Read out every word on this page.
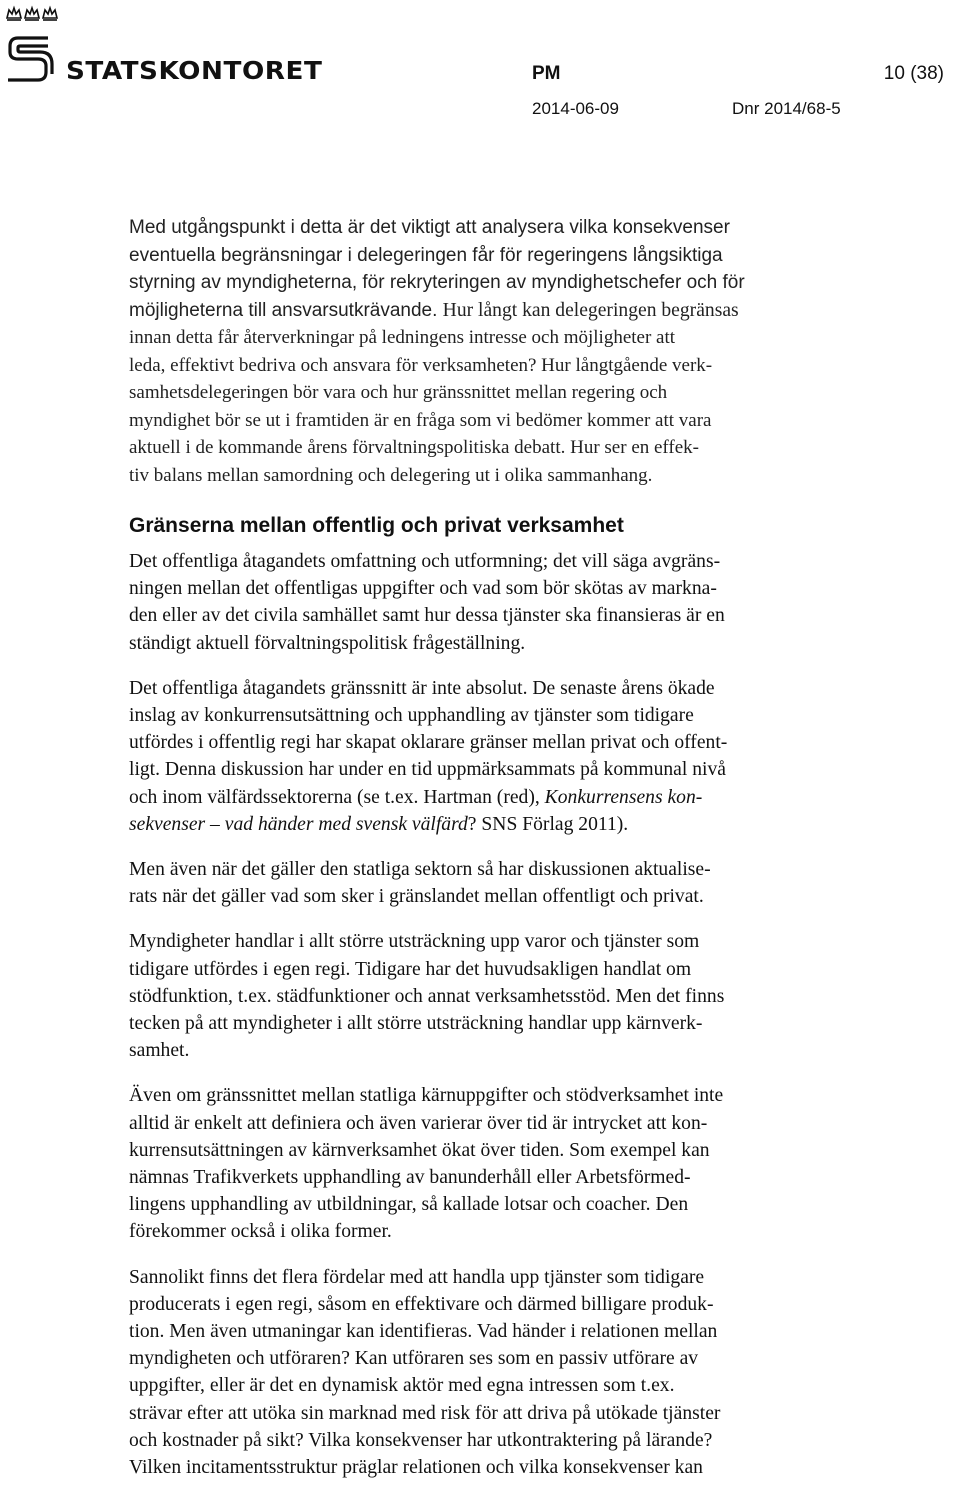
STATSKONTORET	PM	10 (38)
2014-06-09	Dnr 2014/68-5

Med utgångspunkt i detta är det viktigt att analysera vilka konsekvenser
eventuella begränsningar i delegeringen får för regeringens långsiktiga
styrning av myndigheterna, för rekryteringen av myndighetschefer och för
möjligheterna till ansvarsutkrävande. Hur långt kan delegeringen begränsas

innan detta får återverkningar på ledningens intresse och möjligheter att
leda, effektivt bedriva och ansvara för verksamheten? Hur långtgående verk-
samhetsdelegeringen bör vara och hur gränssnittet mellan regering och
myndighet bör se ut i framtiden är en fråga som vi bedömer kommer att vara
aktuell i de kommande årens förvaltningspolitiska debatt. Hur ser en effek-
tiv balans mellan samordning och delegering ut i olika sammanhang.

Gränserna mellan offentlig och privat verksamhet

Det offentliga åtagandets omfattning och utformning; det vill säga avgräns-
ningen mellan det offentligas uppgifter och vad som bör skötas av markna-
den eller av det civila samhället samt hur dessa tjänster ska finansieras är en
ständigt aktuell förvaltningspolitisk frågeställning.

Det offentliga åtagandets gränssnitt är inte absolut. De senaste årens ökade
inslag av konkurrensutsättning och upphandling av tjänster som tidigare
utfördes i offentlig regi har skapat oklarare gränser mellan privat och offent-
ligt. Denna diskussion har under en tid uppmärksammats på kommunal nivå
och inom välfärdssektorerna (se t.ex. Hartman (red), Konkurrensens kon-
sekvenser – vad händer med svensk välfärd? SNS Förlag 2011).

Men även när det gäller den statliga sektorn så har diskussionen aktualise-
rats när det gäller vad som sker i gränslandet mellan offentligt och privat.

Myndigheter handlar i allt större utsträckning upp varor och tjänster som
tidigare utfördes i egen regi. Tidigare har det huvudsakligen handlat om
stödfunktion, t.ex. städfunktioner och annat verksamhetsstöd. Men det finns
tecken på att myndigheter i allt större utsträckning handlar upp kärnverk-
samhet.

Även om gränssnittet mellan statliga kärnuppgifter och stödverksamhet inte
alltid är enkelt att definiera och även varierar över tid är intrycket att kon-
kurrensutsättningen av kärnverksamhet ökat över tiden. Som exempel kan
nämnas Trafikverkets upphandling av banunderhåll eller Arbetsförmed-
lingens upphandling av utbildningar, så kallade lotsar och coacher. Den
förekommer också i olika former.

Sannolikt finns det flera fördelar med att handla upp tjänster som tidigare
producerats i egen regi, såsom en effektivare och därmed billigare produk-
tion. Men även utmaningar kan identifieras. Vad händer i relationen mellan
myndigheten och utföraren? Kan utföraren ses som en passiv utförare av
uppgifter, eller är det en dynamisk aktör med egna intressen som t.ex.
strävar efter att utöka sin marknad med risk för att driva på utökade tjänster
och kostnader på sikt? Vilka konsekvenser har utkontraktering på lärande?
Vilken incitamentsstruktur präglar relationen och vilka konsekvenser kan
